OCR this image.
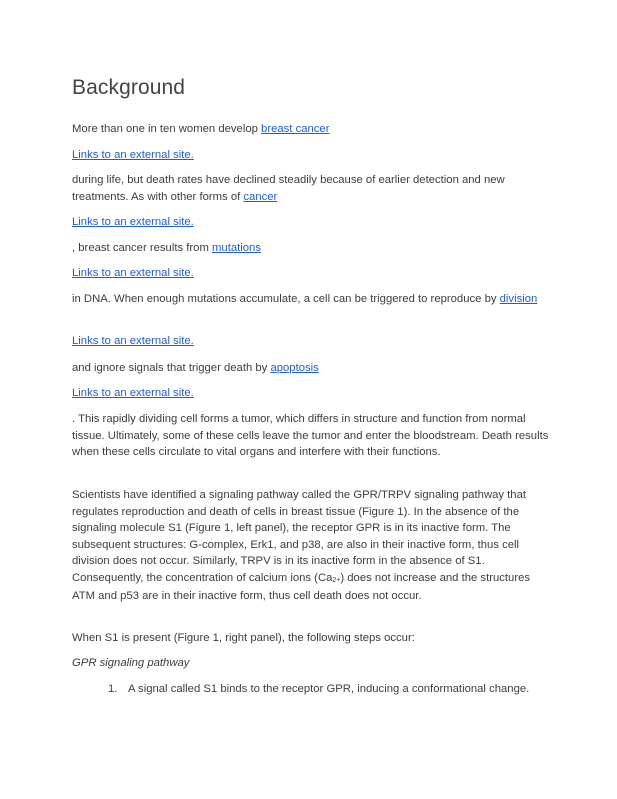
Background

More than one in ten women develop breast cancer

Links to an external site.

during life, but death rates have declined steadily because of earlier detection and new treatments. As with other forms of cancer

Links to an external site.

, breast cancer results from mutations

Links to an external site.

in DNA. When enough mutations accumulate, a cell can be triggered to reproduce by division

Links to an external site.

and ignore signals that trigger death by apoptosis

Links to an external site.

. This rapidly dividing cell forms a tumor, which differs in structure and function from normal tissue. Ultimately, some of these cells leave the tumor and enter the bloodstream. Death results when these cells circulate to vital organs and interfere with their functions.

Scientists have identified a signaling pathway called the GPR/TRPV signaling pathway that regulates reproduction and death of cells in breast tissue (Figure 1). In the absence of the signaling molecule S1 (Figure 1, left panel), the receptor GPR is in its inactive form. The subsequent structures: G-complex, Erk1, and p38, are also in their inactive form, thus cell division does not occur. Similarly, TRPV is in its inactive form in the absence of S1. Consequently, the concentration of calcium ions $(Ca_{2+})$ does not increase and the structures ATM and p53 are in their inactive form, thus cell death does not occur.

When S1 is present (Figure 1, right panel), the following steps occur:

GPR signaling pathway

1. A signal called S1 binds to the receptor GPR, inducing a conformational change.
